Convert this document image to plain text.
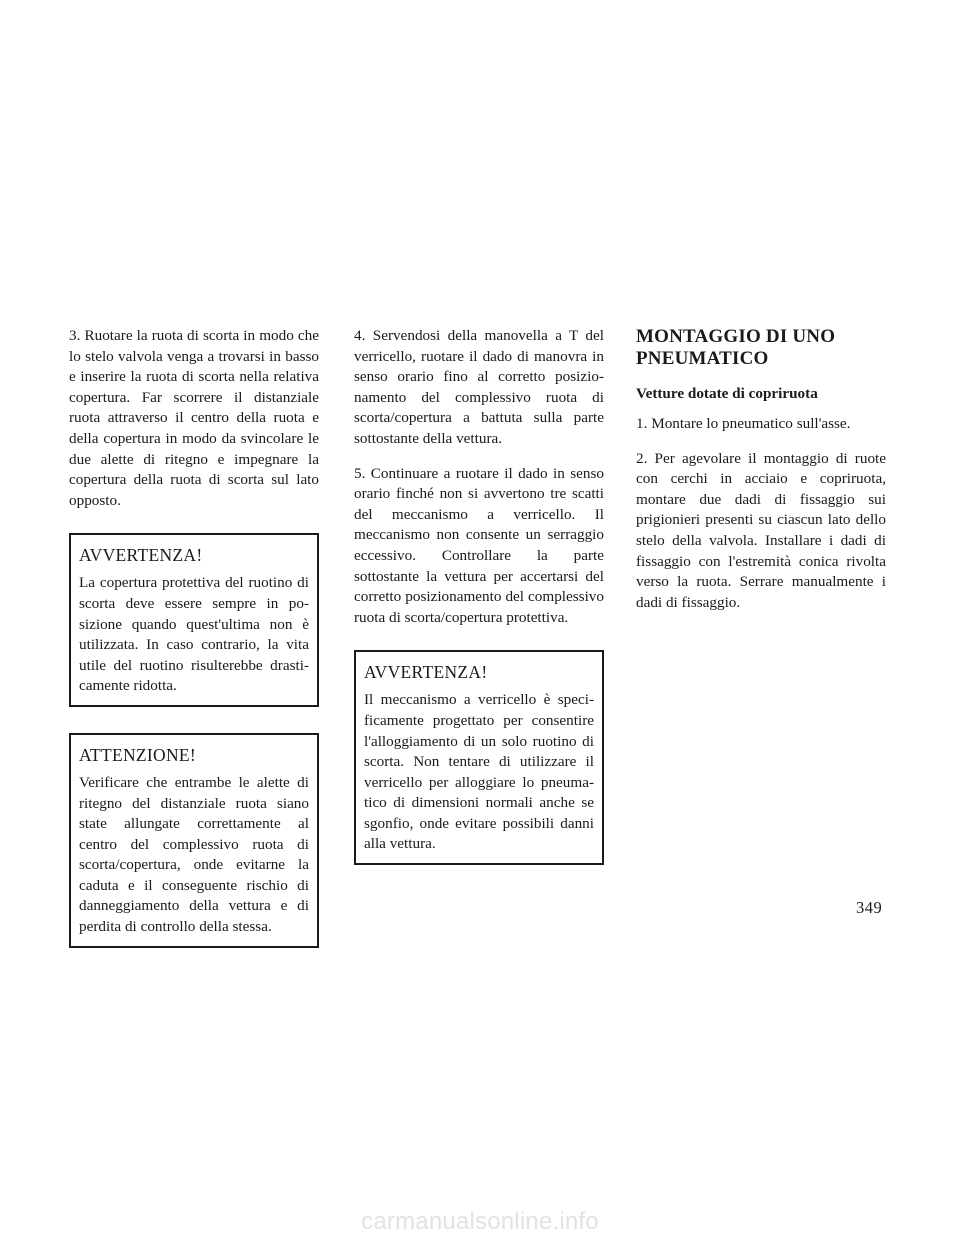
3. Ruotare la ruota di scorta in modo che lo stelo valvola venga a trovarsi in basso e inserire la ruota di scorta nella relativa copertura. Far scorrere il distanziale ruota attraverso il centro della ruota e della copertura in modo da svincolare le due alette di ritegno e impegnare la copertura della ruota di scorta sul lato opposto.

AVVERTENZA!

La copertura protettiva del ruotino di scorta deve essere sempre in posizione quando quest'ultima non è utilizzata. In caso contrario, la vita utile del ruotino risulterebbe drasticamente ridotta.

ATTENZIONE!

Verificare che entrambe le alette di ritegno del distanziale ruota siano state allungate correttamente al centro del complessivo ruota di scorta/copertura, onde evitarne la caduta e il conseguente rischio di danneggiamento della vettura e di perdita di controllo della stessa.

4. Servendosi della manovella a T del verricello, ruotare il dado di manovra in senso orario fino al corretto posizionamento del complessivo ruota di scorta/copertura a battuta sulla parte sottostante della vettura.

5. Continuare a ruotare il dado in senso orario finché non si avvertono tre scatti del meccanismo a verricello. Il meccanismo non consente un serraggio eccessivo. Controllare la parte sottostante la vettura per accertarsi del corretto posizionamento del complessivo ruota di scorta/copertura protettiva.

AVVERTENZA!

Il meccanismo a verricello è specificamente progettato per consentire l'alloggiamento di un solo ruotino di scorta. Non tentare di utilizzare il verricello per alloggiare lo pneumatico di dimensioni normali anche se sgonfio, onde evitare possibili danni alla vettura.

MONTAGGIO DI UNO
PNEUMATICO
Vetture dotate di copriruota

1. Montare lo pneumatico sull'asse.

2. Per agevolare il montaggio di ruote con cerchi in acciaio e copriruota, montare due dadi di fissaggio sui prigionieri presenti su ciascun lato dello stelo della valvola. Installare i dadi di fissaggio con l'estremità conica rivolta verso la ruota. Serrare manualmente i dadi di fissaggio.

349
carmanualsonline.info
